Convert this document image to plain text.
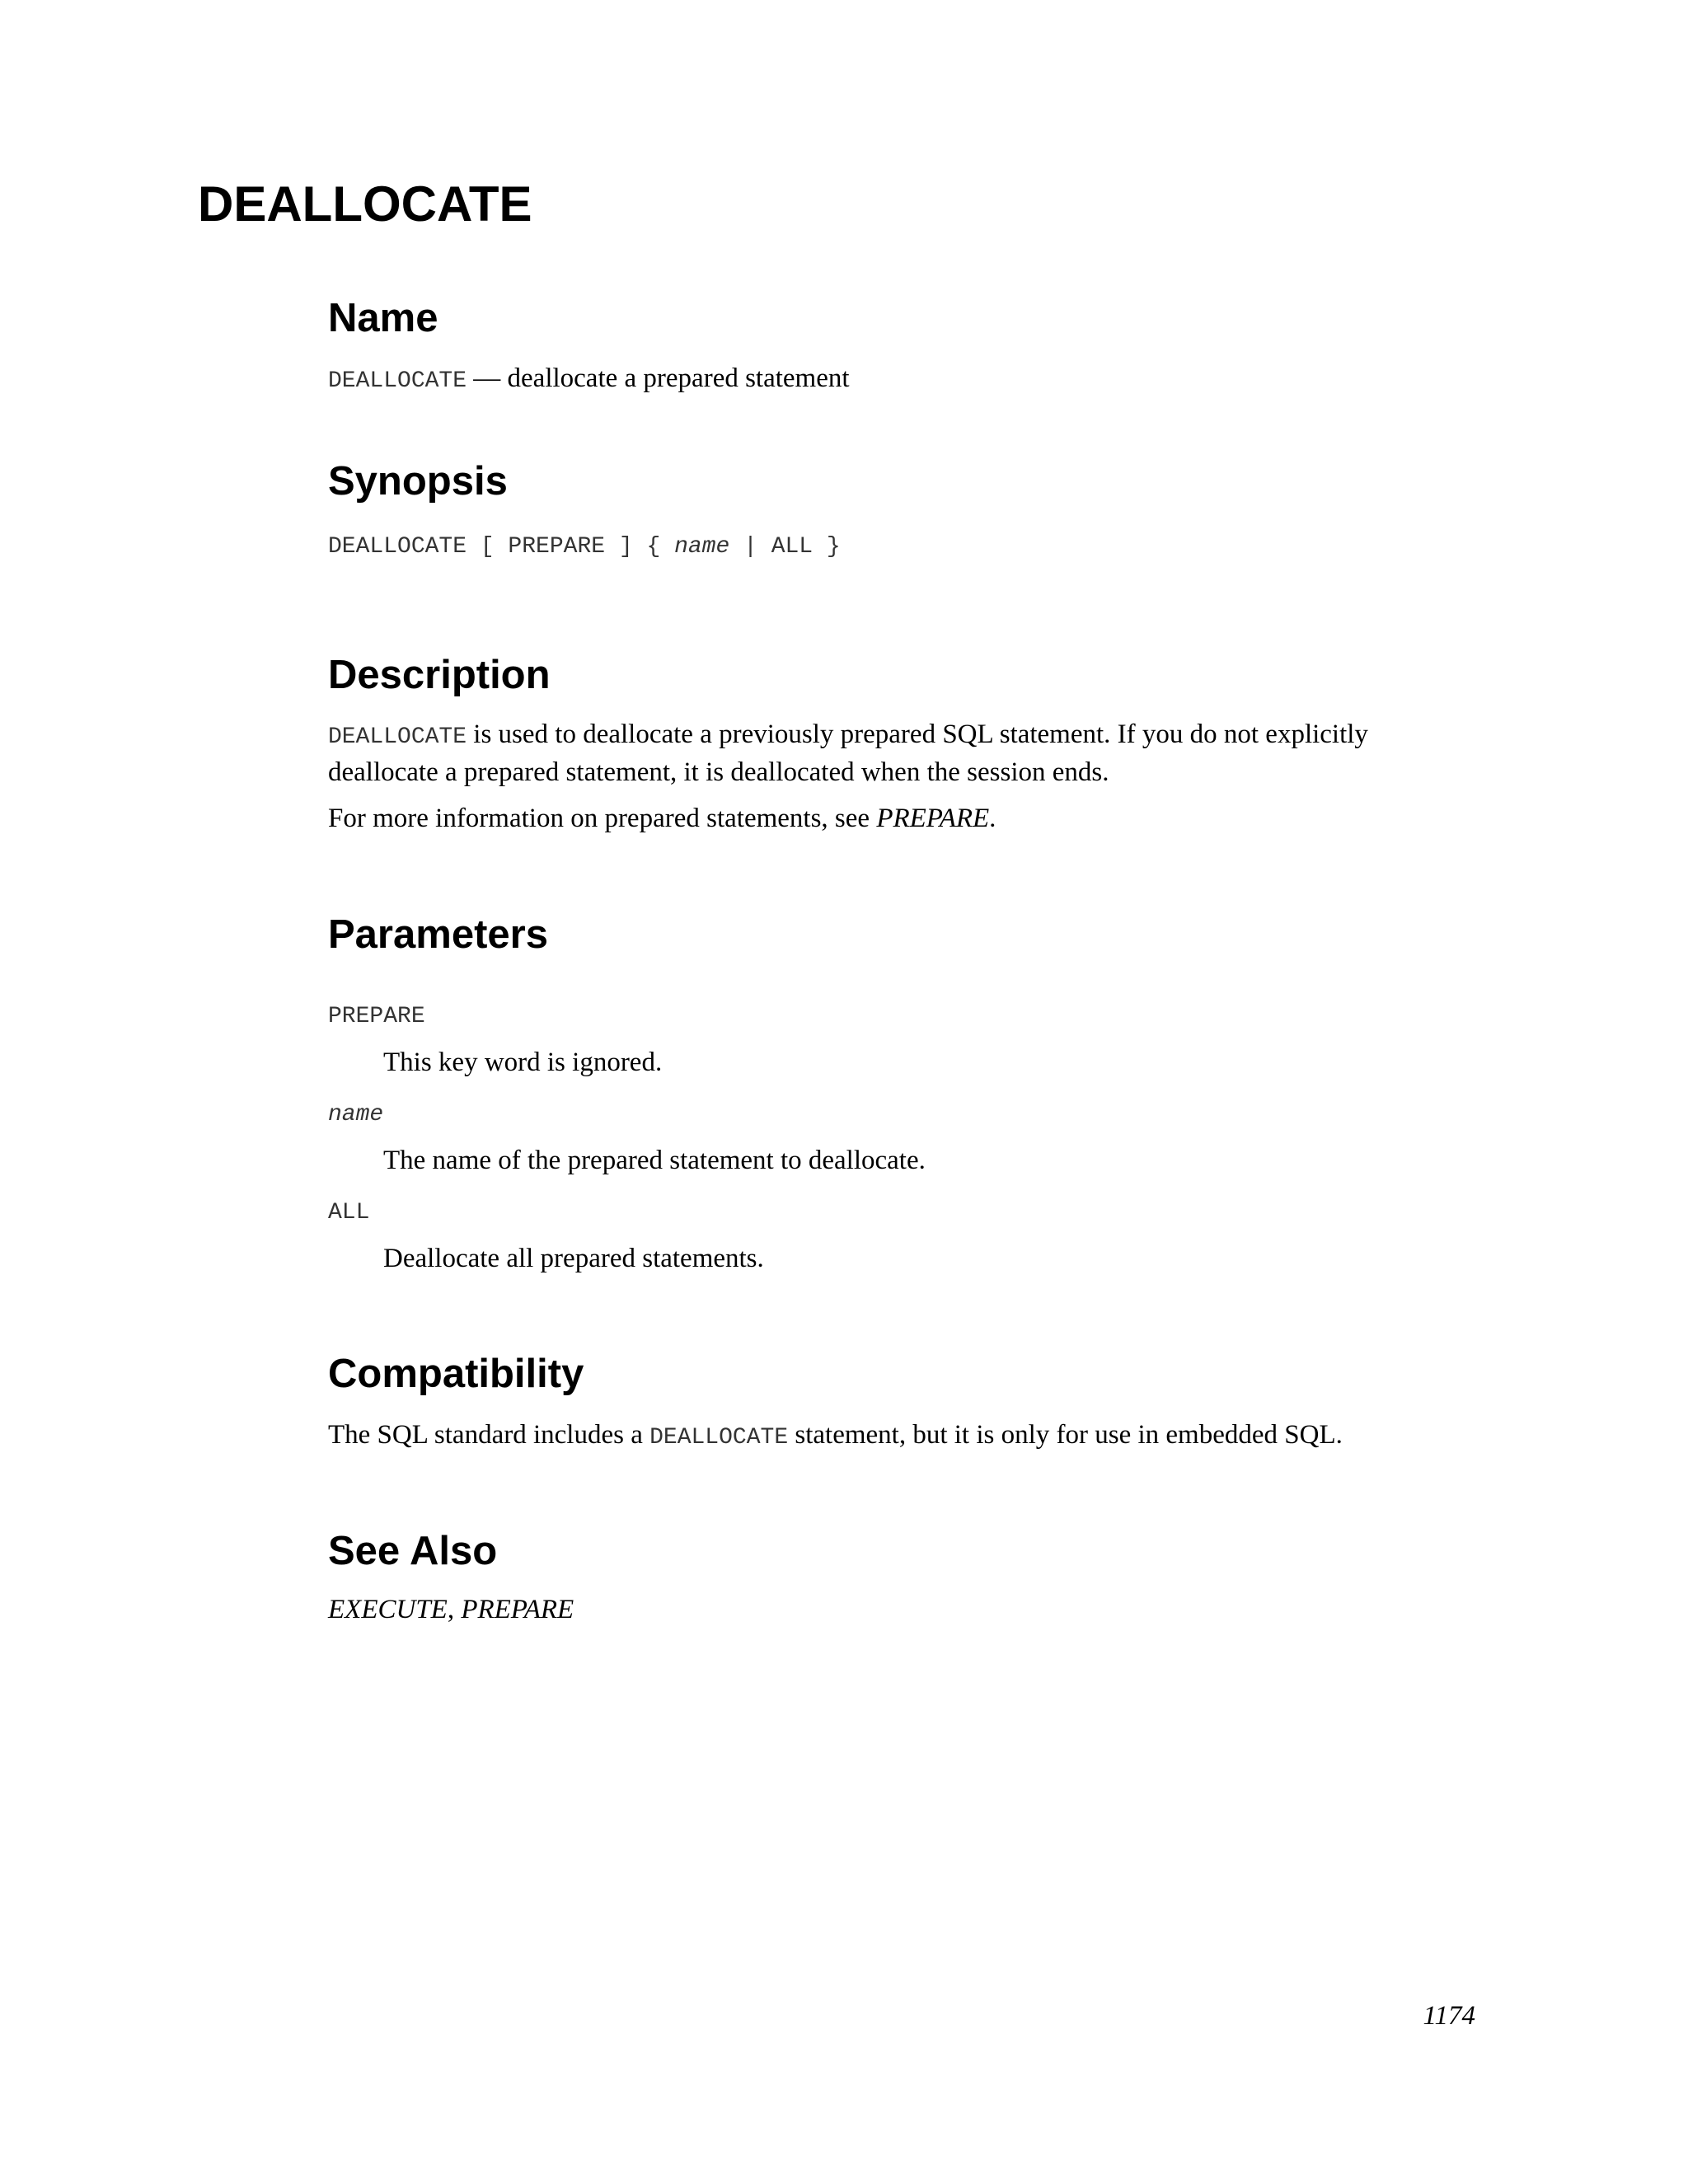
DEALLOCATE
Name

DEALLOCATE — deallocate a prepared statement

Synopsis

DEALLOCATE [ PREPARE ] { name | ALL }

Description

DEALLOCATE is used to deallocate a previously prepared SQL statement. If you do not explicitly deallocate a prepared statement, it is deallocated when the session ends.

For more information on prepared statements, see PREPARE.

Parameters

PREPARE

This key word is ignored.

name

The name of the prepared statement to deallocate.

ALL

Deallocate all prepared statements.

Compatibility

The SQL standard includes a DEALLOCATE statement, but it is only for use in embedded SQL.

See Also

EXECUTE, PREPARE

1174
